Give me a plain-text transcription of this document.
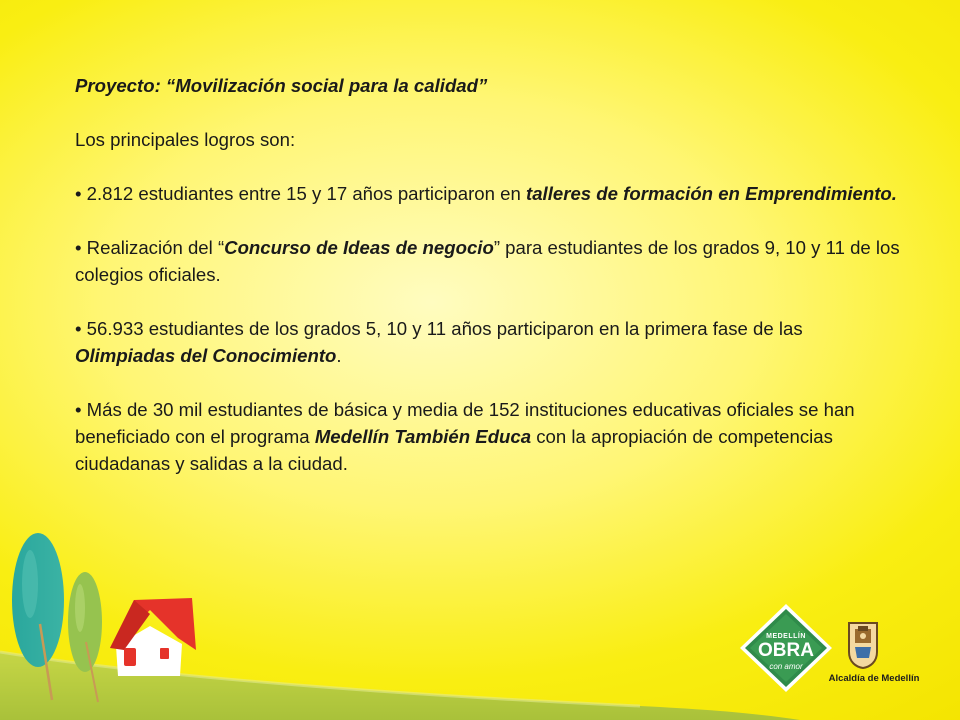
Proyecto: “Movilización social para la calidad”

Los principales logros son:

• 2.812 estudiantes entre 15 y 17 años participaron en talleres de formación en Emprendimiento.

• Realización del “Concurso de Ideas de negocio” para estudiantes de los grados 9, 10 y 11 de los colegios oficiales.

• 56.933 estudiantes de los grados 5, 10 y 11 años participaron en la primera fase de las Olimpiadas del Conocimiento.

• Más de 30 mil estudiantes de básica y media de 152 instituciones educativas oficiales se han beneficiado con el programa Medellín También Educa con la apropiación de competencias ciudadanas y salidas a la ciudad.

MEDELLÍN
OBRA
con amor
Alcaldía de Medellín
